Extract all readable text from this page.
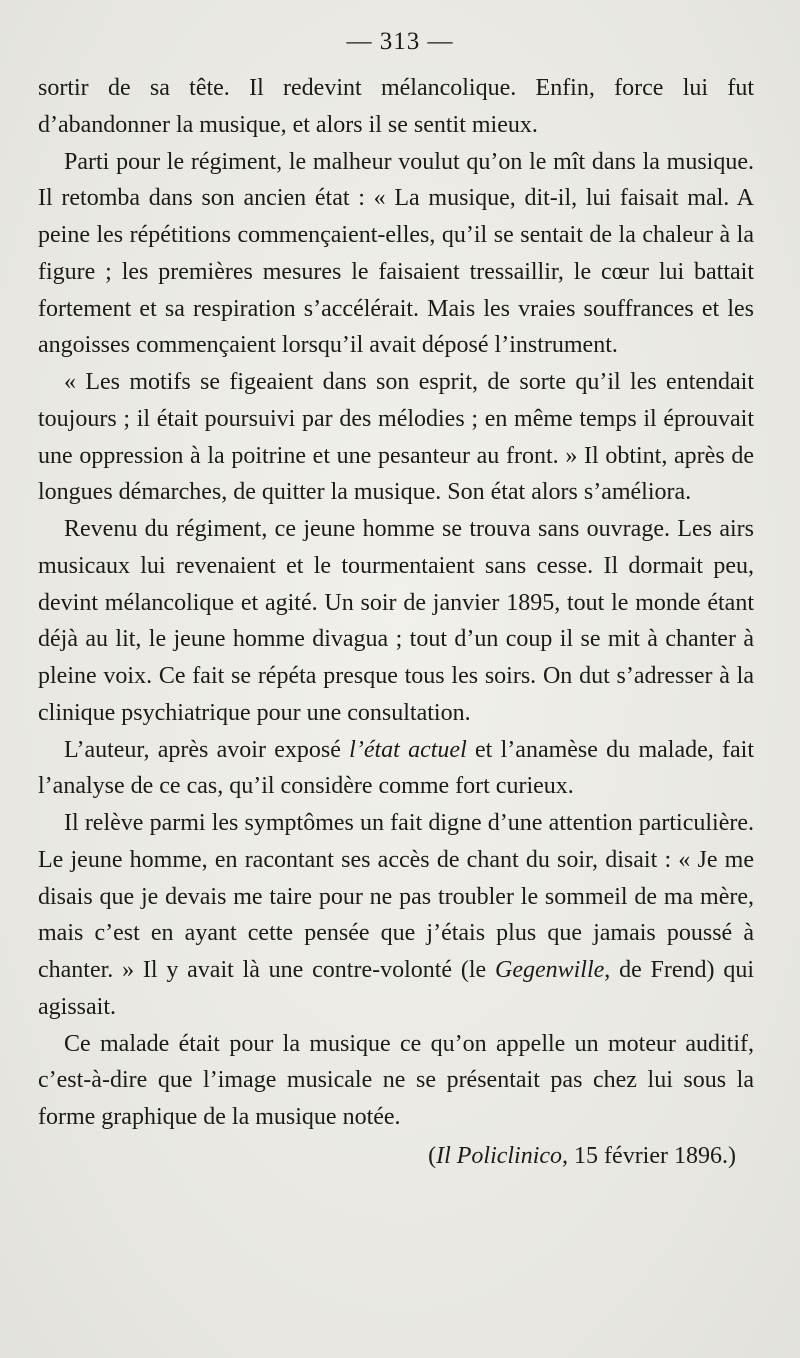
— 313 —

sortir de sa tête. Il redevint mélancolique. Enfin, force lui fut d’abandonner la musique, et alors il se sentit mieux.

Parti pour le régiment, le malheur voulut qu’on le mît dans la musique. Il retomba dans son ancien état : « La musique, dit-il, lui faisait mal. A peine les répétitions commençaient-elles, qu’il se sentait de la chaleur à la figure ; les premières mesures le faisaient tressaillir, le cœur lui battait fortement et sa respiration s’accélérait. Mais les vraies souffrances et les angoisses commençaient lorsqu’il avait déposé l’instrument.

« Les motifs se figeaient dans son esprit, de sorte qu’il les entendait toujours ; il était poursuivi par des mélodies ; en même temps il éprouvait une oppression à la poitrine et une pesanteur au front. » Il obtint, après de longues démarches, de quitter la musique. Son état alors s’améliora.

Revenu du régiment, ce jeune homme se trouva sans ouvrage. Les airs musicaux lui revenaient et le tourmentaient sans cesse. Il dormait peu, devint mélancolique et agité. Un soir de janvier 1895, tout le monde étant déjà au lit, le jeune homme divagua ; tout d’un coup il se mit à chanter à pleine voix. Ce fait se répéta presque tous les soirs. On dut s’adresser à la clinique psychiatrique pour une consultation.

L’auteur, après avoir exposé l’état actuel et l’anamèse du malade, fait l’analyse de ce cas, qu’il considère comme fort curieux.

Il relève parmi les symptômes un fait digne d’une attention particulière. Le jeune homme, en racontant ses accès de chant du soir, disait : « Je me disais que je devais me taire pour ne pas troubler le sommeil de ma mère, mais c’est en ayant cette pensée que j’étais plus que jamais poussé à chanter. » Il y avait là une contre-volonté (le Gegenwille, de Frend) qui agissait.

Ce malade était pour la musique ce qu’on appelle un moteur auditif, c’est-à-dire que l’image musicale ne se présentait pas chez lui sous la forme graphique de la musique notée.

(Il Policlinico, 15 février 1896.)
